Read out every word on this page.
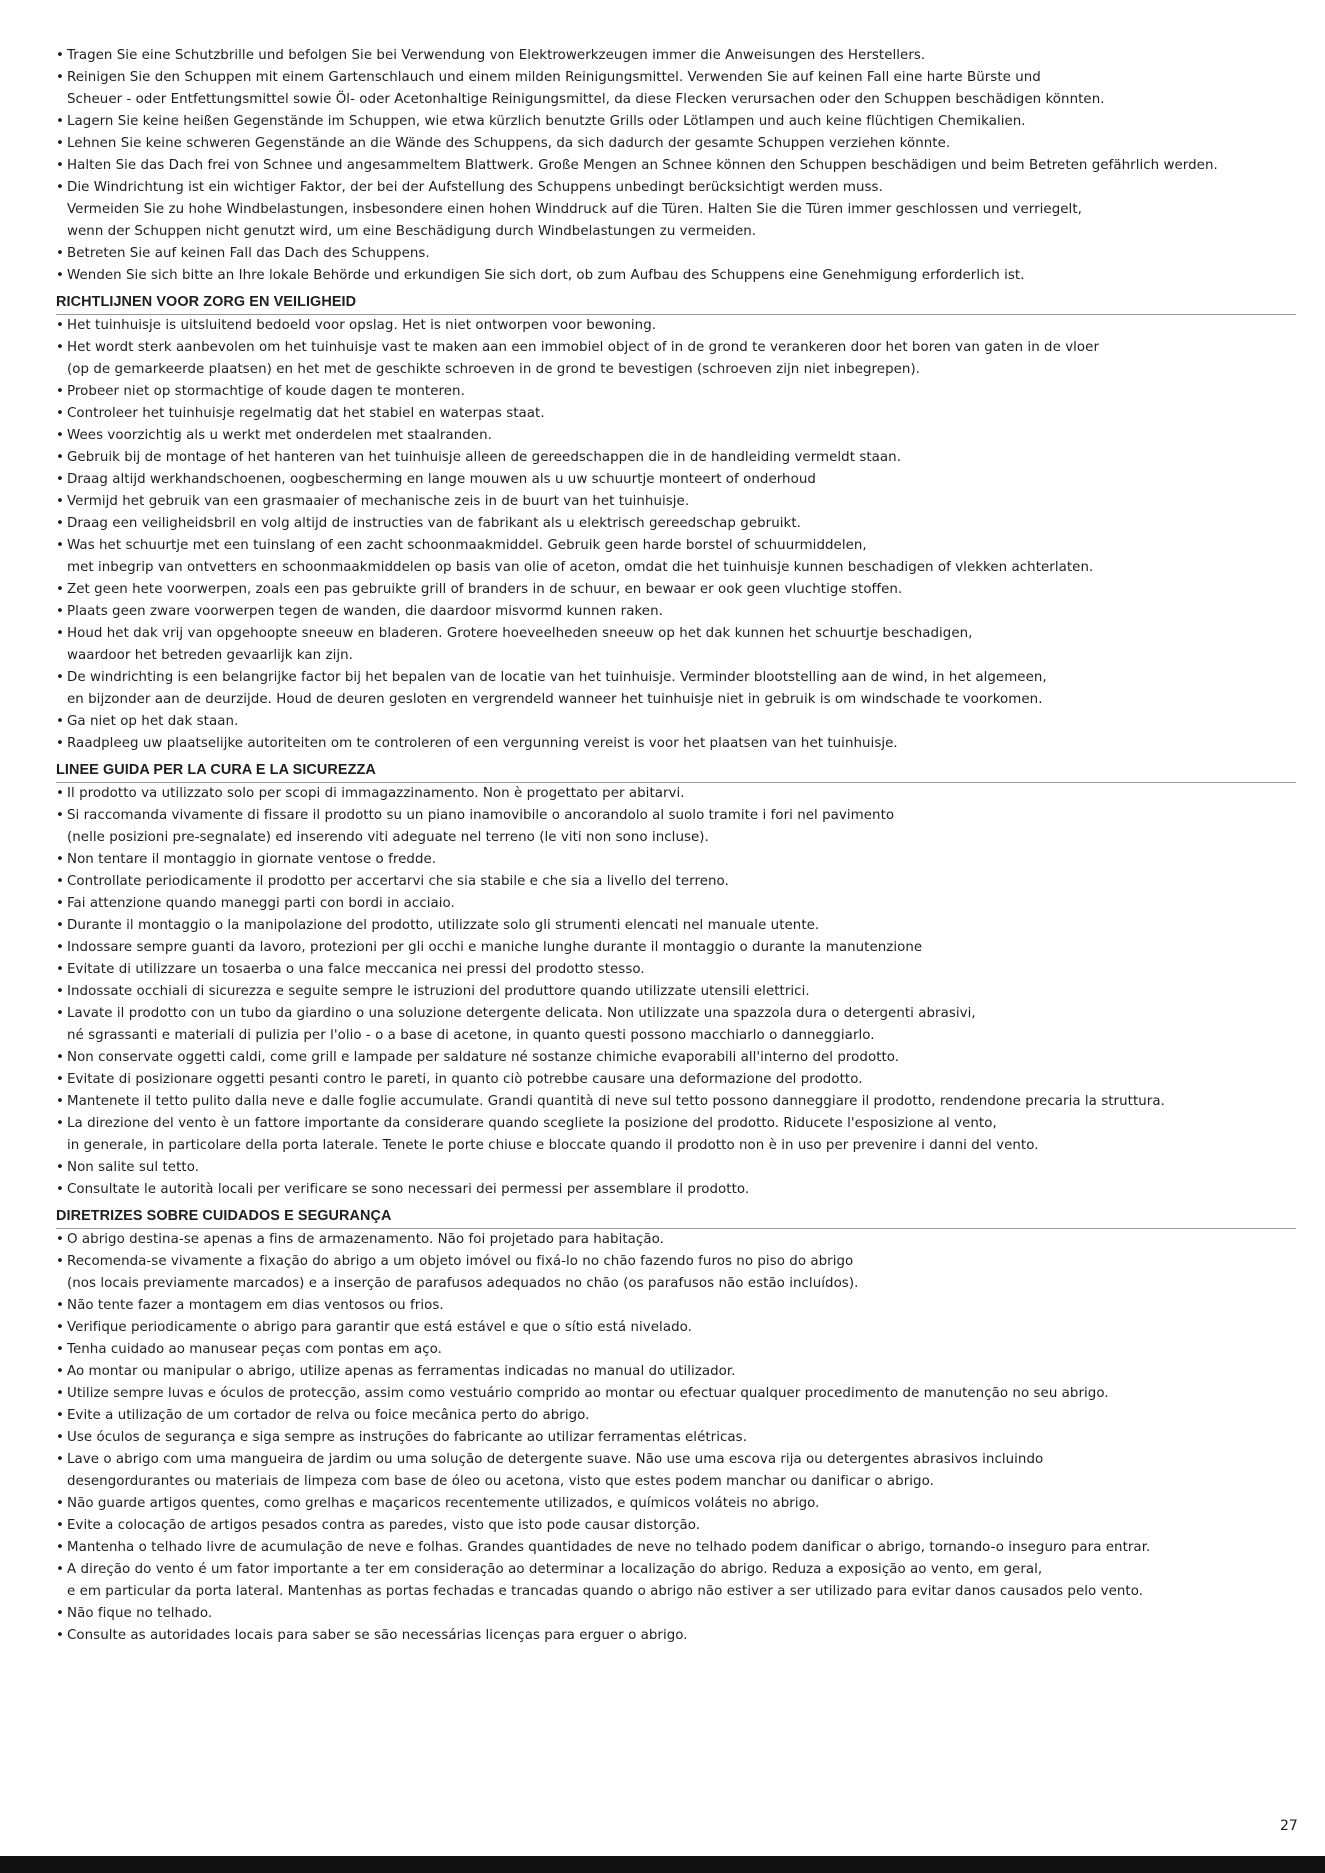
• Tragen Sie eine Schutzbrille und befolgen Sie bei Verwendung von Elektrowerkzeugen immer die Anweisungen des Herstellers.
• Reinigen Sie den Schuppen mit einem Gartenschlauch und einem milden Reinigungsmittel. Verwenden Sie auf keinen Fall eine harte Bürste und
Scheuer - oder Entfettungsmittel sowie Öl- oder Acetonhaltige Reinigungsmittel, da diese Flecken verursachen oder den Schuppen beschädigen könnten.
• Lagern Sie keine heißen Gegenstände im Schuppen, wie etwa kürzlich benutzte Grills oder Lötlampen und auch keine flüchtigen Chemikalien.
• Lehnen Sie keine schweren Gegenstände an die Wände des Schuppens, da sich dadurch der gesamte Schuppen verziehen könnte.
• Halten Sie das Dach frei von Schnee und angesammeltem Blattwerk. Große Mengen an Schnee können den Schuppen beschädigen und beim Betreten gefährlich werden.
• Die Windrichtung ist ein wichtiger Faktor, der bei der Aufstellung des Schuppens unbedingt berücksichtigt werden muss.
Vermeiden Sie zu hohe Windbelastungen, insbesondere einen hohen Winddruck auf die Türen. Halten Sie die Türen immer geschlossen und verriegelt,
wenn der Schuppen nicht genutzt wird, um eine Beschädigung durch Windbelastungen zu vermeiden.
• Betreten Sie auf keinen Fall das Dach des Schuppens.
• Wenden Sie sich bitte an Ihre lokale Behörde und erkundigen Sie sich dort, ob zum Aufbau des Schuppens eine Genehmigung erforderlich ist.
RICHTLIJNEN VOOR ZORG EN VEILIGHEID
• Het tuinhuisje is uitsluitend bedoeld voor opslag. Het is niet ontworpen voor bewoning.
• Het wordt sterk aanbevolen om het tuinhuisje vast te maken aan een immobiel object of in de grond te verankeren door het boren van gaten in de vloer
(op de gemarkeerde plaatsen) en het met de geschikte schroeven in de grond te bevestigen (schroeven zijn niet inbegrepen).
• Probeer niet op stormachtige of koude dagen te monteren.
• Controleer het tuinhuisje regelmatig dat het stabiel en waterpas staat.
• Wees voorzichtig als u werkt met onderdelen met staalranden.
• Gebruik bij de montage of het hanteren van het tuinhuisje alleen de gereedschappen die in de handleiding vermeldt staan.
• Draag altijd werkhandschoenen, oogbescherming en lange mouwen als u uw schuurtje monteert of onderhoud
• Vermijd het gebruik van een grasmaaier of mechanische zeis in de buurt van het tuinhuisje.
• Draag een veiligheidsbril en volg altijd de instructies van de fabrikant als u elektrisch gereedschap gebruikt.
• Was het schuurtje met een tuinslang of een zacht schoonmaakmiddel. Gebruik geen harde borstel of schuurmiddelen,
met inbegrip van ontvetters en schoonmaakmiddelen op basis van olie of aceton, omdat die het tuinhuisje kunnen beschadigen of vlekken achterlaten.
• Zet geen hete voorwerpen, zoals een pas gebruikte grill of branders in de schuur, en bewaar er ook geen vluchtige stoffen.
• Plaats geen zware voorwerpen tegen de wanden, die daardoor misvormd kunnen raken.
• Houd het dak vrij van opgehoopte sneeuw en bladeren. Grotere hoeveelheden sneeuw op het dak kunnen het schuurtje beschadigen,
waardoor het betreden gevaarlijk kan zijn.
• De windrichting is een belangrijke factor bij het bepalen van de locatie van het tuinhuisje. Verminder blootstelling aan de wind, in het algemeen,
en bijzonder aan de deurzijde. Houd de deuren gesloten en vergrendeld wanneer het tuinhuisje niet in gebruik is om windschade te voorkomen.
• Ga niet op het dak staan.
• Raadpleeg uw plaatselijke autoriteiten om te controleren of een vergunning vereist is voor het plaatsen van het tuinhuisje.
LINEE GUIDA PER LA CURA E LA SICUREZZA
• Il prodotto va utilizzato solo per scopi di immagazzinamento. Non è progettato per abitarvi.
• Si raccomanda vivamente di fissare il prodotto su un piano inamovibile o ancorandolo al suolo tramite i fori nel pavimento
(nelle posizioni pre-segnalate) ed inserendo viti adeguate nel terreno (le viti non sono incluse).
• Non tentare il montaggio in giornate ventose o fredde.
• Controllate periodicamente il prodotto per accertarvi che sia stabile e che sia a livello del terreno.
• Fai attenzione quando maneggi parti con bordi in acciaio.
• Durante il montaggio o la manipolazione del prodotto, utilizzate solo gli strumenti elencati nel manuale utente.
• Indossare sempre guanti da lavoro, protezioni per gli occhi e maniche lunghe durante il montaggio o durante la manutenzione
• Evitate di utilizzare un tosaerba o una falce meccanica nei pressi del prodotto stesso.
• Indossate occhiali di sicurezza e seguite sempre le istruzioni del produttore quando utilizzate utensili elettrici.
• Lavate il prodotto con un tubo da giardino o una soluzione detergente delicata. Non utilizzate una spazzola dura o detergenti abrasivi,
né sgrassanti e materiali di pulizia per l'olio - o a base di acetone, in quanto questi possono macchiarlo o danneggiarlo.
• Non conservate oggetti caldi, come grill e lampade per saldature né sostanze chimiche evaporabili all'interno del prodotto.
• Evitate di posizionare oggetti pesanti contro le pareti, in quanto ciò potrebbe causare una deformazione del prodotto.
• Mantenete il tetto pulito dalla neve e dalle foglie accumulate. Grandi quantità di neve sul tetto possono danneggiare il prodotto, rendendone precaria la struttura.
• La direzione del vento è un fattore importante da considerare quando scegliete la posizione del prodotto. Riducete l'esposizione al vento,
in generale, in particolare della porta laterale. Tenete le porte chiuse e bloccate quando il prodotto non è in uso per prevenire i danni del vento.
• Non salite sul tetto.
• Consultate le autorità locali per verificare se sono necessari dei permessi per assemblare il prodotto.
DIRETRIZES SOBRE CUIDADOS E SEGURANÇA
• O abrigo destina-se apenas a fins de armazenamento. Não foi projetado para habitação.
• Recomenda-se vivamente a fixação do abrigo a um objeto imóvel ou fixá-lo no chão fazendo furos no piso do abrigo
(nos locais previamente marcados) e a inserção de parafusos adequados no chão (os parafusos não estão incluídos).
• Não tente fazer a montagem em dias ventosos ou frios.
• Verifique periodicamente o abrigo para garantir que está estável e que o sítio está nivelado.
• Tenha cuidado ao manusear peças com pontas em aço.
• Ao montar ou manipular o abrigo, utilize apenas as ferramentas indicadas no manual do utilizador.
• Utilize sempre luvas e óculos de protecção, assim como vestuário comprido ao montar ou efectuar qualquer procedimento de manutenção no seu abrigo.
• Evite a utilização de um cortador de relva ou foice mecânica perto do abrigo.
• Use óculos de segurança e siga sempre as instruções do fabricante ao utilizar ferramentas elétricas.
• Lave o abrigo com uma mangueira de jardim ou uma solução de detergente suave. Não use uma escova rija ou detergentes abrasivos incluindo
desengordurantes ou materiais de limpeza com base de óleo ou acetona, visto que estes podem manchar ou danificar o abrigo.
• Não guarde artigos quentes, como grelhas e maçaricos recentemente utilizados, e químicos voláteis no abrigo.
• Evite a colocação de artigos pesados contra as paredes, visto que isto pode causar distorção.
• Mantenha o telhado livre de acumulação de neve e folhas. Grandes quantidades de neve no telhado podem danificar o abrigo, tornando-o inseguro para entrar.
• A direção do vento é um fator importante a ter em consideração ao determinar a localização do abrigo. Reduza a exposição ao vento, em geral,
e em particular da porta lateral. Mantenhas as portas fechadas e trancadas quando o abrigo não estiver a ser utilizado para evitar danos causados pelo vento.
• Não fique no telhado.
• Consulte as autoridades locais para saber se são necessárias licenças para erguer o abrigo.
27
